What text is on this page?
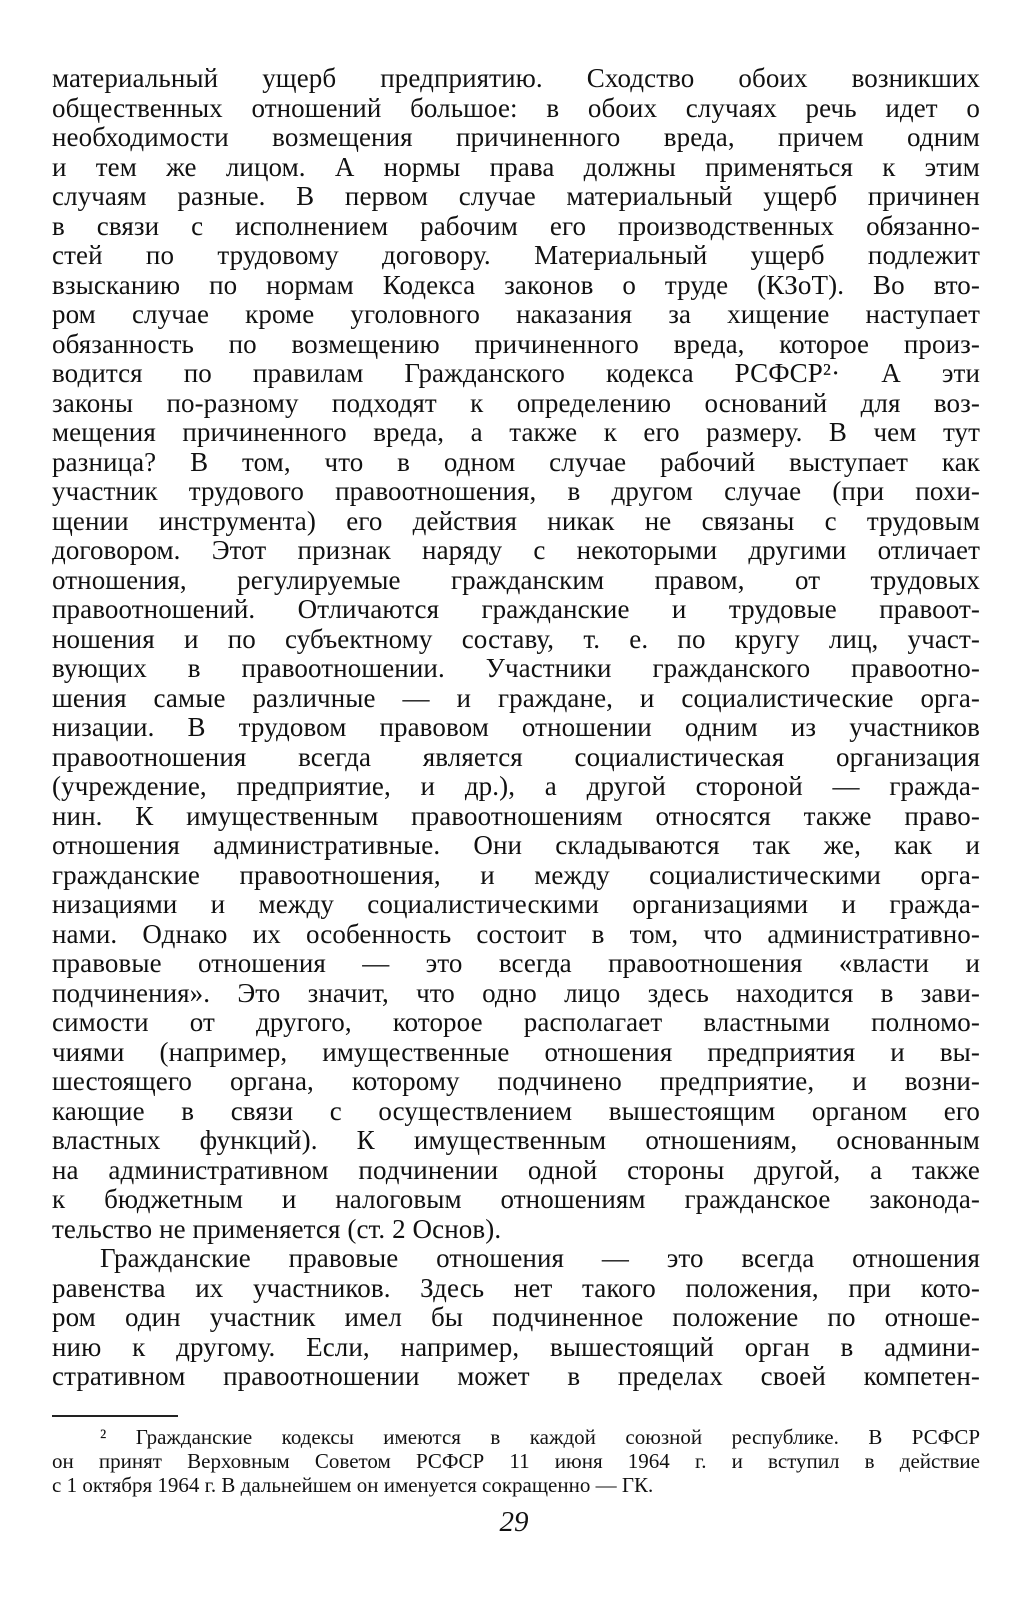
материальный ущерб предприятию. Сходство обоих возникших
общественных отношений большое: в обоих случаях речь идет о
необходимости возмещения причиненного вреда, причем одним
и тем же лицом. А нормы права должны применяться к этим
случаям разные. В первом случае материальный ущерб причинен
в связи с исполнением рабочим его производственных обязанно-
стей по трудовому договору. Материальный ущерб подлежит
взысканию по нормам Кодекса законов о труде (КЗоТ). Во вто-
ром случае кроме уголовного наказания за хищение наступает
обязанность по возмещению причиненного вреда, которое произ-
водится по правилам Гражданского кодекса РСФСР²· А эти
законы по-разному подходят к определению оснований для воз-
мещения причиненного вреда, а также к его размеру. В чем тут
разница? В том, что в одном случае рабочий выступает как
участник трудового правоотношения, в другом случае (при похи-
щении инструмента) его действия никак не связаны с трудовым
договором. Этот признак наряду с некоторыми другими отличает
отношения, регулируемые гражданским правом, от трудовых
правоотношений. Отличаются гражданские и трудовые правоот-
ношения и по субъектному составу, т. е. по кругу лиц, участ-
вующих в правоотношении. Участники гражданского правоотно-
шения самые различные — и граждане, и социалистические орга-
низации. В трудовом правовом отношении одним из участников
правоотношения всегда является социалистическая организация
(учреждение, предприятие, и др.), а другой стороной — гражда-
нин. К имущественным правоотношениям относятся также право-
отношения административные. Они складываются так же, как и
гражданские правоотношения, и между социалистическими орга-
низациями и между социалистическими организациями и гражда-
нами. Однако их особенность состоит в том, что административно-
правовые отношения — это всегда правоотношения «власти и
подчинения». Это значит, что одно лицо здесь находится в зави-
симости от другого, которое располагает властными полномо-
чиями (например, имущественные отношения предприятия и вы-
шестоящего органа, которому подчинено предприятие, и возни-
кающие в связи с осуществлением вышестоящим органом его
властных функций). К имущественным отношениям, основанным
на административном подчинении одной стороны другой, а также
к бюджетным и налоговым отношениям гражданское законода-
тельство не применяется (ст. 2 Основ).
Гражданские правовые отношения — это всегда отношения
равенства их участников. Здесь нет такого положения, при кото-
ром один участник имел бы подчиненное положение по отноше-
нию к другому. Если, например, вышестоящий орган в админи-
стративном правоотношении может в пределах своей компетен-
² Гражданские кодексы имеются в каждой союзной республике. В РСФСР
он принят Верховным Советом РСФСР 11 июня 1964 г. и вступил в действие
с 1 октября 1964 г. В дальнейшем он именуется сокращенно — ГК.
29
